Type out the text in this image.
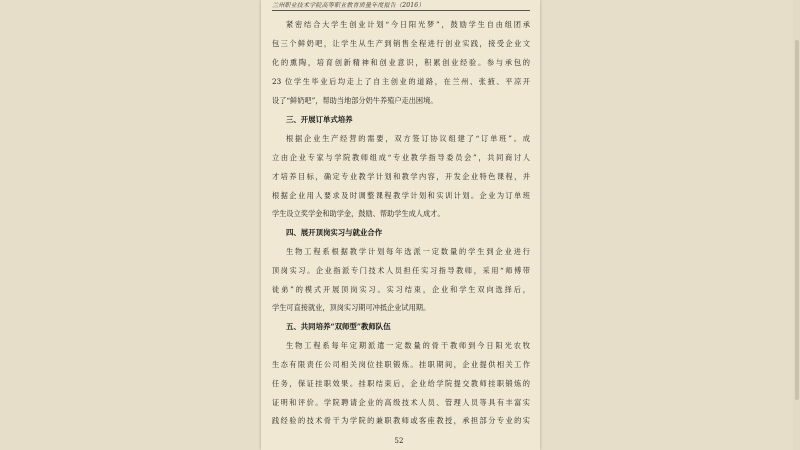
兰州职业技术学院高等职业教育质量年度报告（2016）
紧密结合大学生创业计划“今日阳光梦”，鼓励学生自由组团承
包三个鲜奶吧，让学生从生产到销售全程进行创业实践，接受企业文
化的熏陶，培育创新精神和创业意识，积累创业经验。参与承包的
23 位学生毕业后均走上了自主创业的道路，在兰州、张掖、平凉开
设了“鲜奶吧”，帮助当地部分奶牛养殖户走出困境。
三、开展订单式培养
根据企业生产经营的需要，双方签订协议组建了“订单班”。成
立由企业专家与学院教师组成“专业教学指导委员会”，共同商讨人
才培养目标，确定专业教学计划和教学内容，开发企业特色课程，并
根据企业用人要求及时调整课程教学计划和实训计划。企业为订单班
学生设立奖学金和助学金，鼓励、帮助学生成人成才。
四、展开顶岗实习与就业合作
生物工程系根据教学计划每年选派一定数量的学生到企业进行
顶岗实习。企业指派专门技术人员担任实习指导教师，采用“师傅带
徒弟”的模式开展顶岗实习。实习结束，企业和学生双向选择后，
学生可直接就业，顶岗实习期可冲抵企业试用期。
五、共同培养“双师型”教师队伍
生物工程系每年定期派遣一定数量的骨干教师到今日阳光农牧
生态有限责任公司相关岗位挂职锻炼。挂职期间，企业提供相关工作
任务，保证挂职效果。挂职结束后，企业给学院提交教师挂职锻炼的
证明和评价。学院聘请企业的高级技术人员、管理人员等具有丰富实
践经验的技术骨干为学院的兼职教师或客座教授，承担部分专业的实
52
